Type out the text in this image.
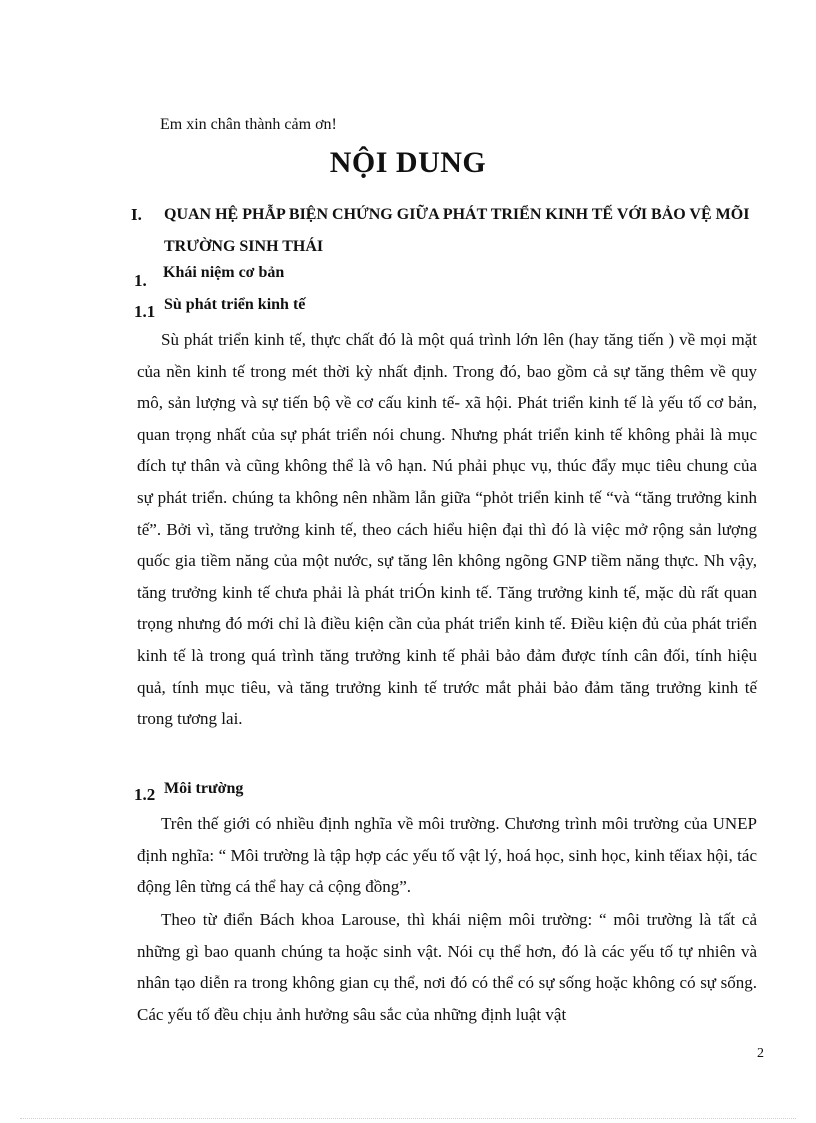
Em xin chân thành cảm ơn!
NỘI DUNG
I. QUAN HỆ PHẪP BIỆN CHỨNG GIỮA PHÁT TRIỂN KINH TẾ VỚI BẢO VỆ MÕI TRƯỜNG SINH THÁI
1. Khái niệm cơ bản
1.1 Sù phát triển kinh tế

Sù phát triển kinh tế, thực chất đó là một quá trình lớn lên (hay tăng tiến ) về mọi mặt của nền kinh tế trong mét thời kỳ nhất định. Trong đó, bao gồm cả sự tăng thêm về quy mô, sản lượng và sự tiến bộ về cơ cấu kinh tế- xã hội. Phát triển kinh tế là yếu tố cơ bản, quan trọng nhất của sự phát triển nói chung. Nhưng phát triển kinh tế không phải là mục đích tự thân và cũng không thể là vô hạn. Nú phải phục vụ, thúc đẩy mục tiêu chung của sự phát triển. chúng ta không nên nhầm lẫn giữa “phỏt triển kinh tế “và “tăng trưởng kinh tế”. Bởi vì, tăng trưởng kinh tế, theo cách hiểu hiện đại thì đó là việc mở rộng sản lượng quốc gia tiềm năng của một nước, sự tăng lên không ngõng GNP tiềm năng thực. Nh vậy, tăng trưởng kinh tế chưa phải là phát triÓn kinh tế. Tăng trưởng kinh tế, mặc dù rất quan trọng nhưng đó mới chỉ là điều kiện cần của phát triển kinh tế. Điều kiện đủ của phát triển kinh tế là trong quá trình tăng trưởng kinh tế phải bảo đảm được tính cân đối, tính hiệu quả, tính mục tiêu, và tăng trưởng kinh tế trước mắt phải bảo đảm tăng trưởng kinh tế trong tương lai.

1.2 Môi trường

Trên thế giới có nhiều định nghĩa về môi trường. Chương trình môi trường của UNEP định nghĩa: “ Môi trường là tập hợp các yếu tố vật lý, hoá học, sinh học, kinh tếiax hội, tác động lên từng cá thể hay cả cộng đồng”.

Theo từ điển Bách khoa Larouse, thì khái niệm môi trường: “ môi trường là tất cả những gì bao quanh chúng ta hoặc sinh vật. Nói cụ thể hơn, đó là các yếu tố tự nhiên và nhân tạo diễn ra trong không gian cụ thể, nơi đó có thể có sự sống hoặc không có sự sống. Các yếu tố đều chịu ảnh hưởng sâu sắc của những định luật vật

2
